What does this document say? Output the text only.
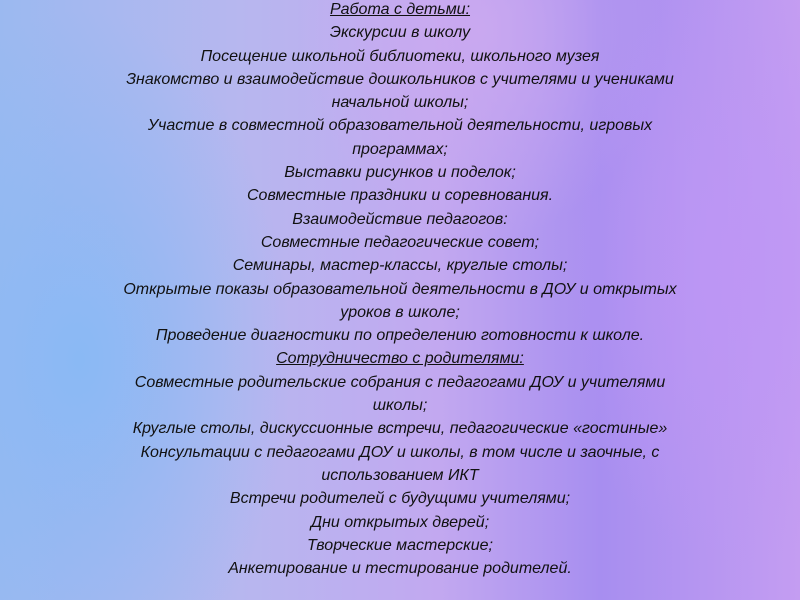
Работа с детьми:
Экскурсии в школу
Посещение школьной библиотеки, школьного музея
Знакомство и взаимодействие дошкольников с учителями и учениками
начальной школы;
Участие в совместной образовательной деятельности, игровых
программах;
Выставки рисунков и поделок;
Совместные праздники и соревнования.
Взаимодействие педагогов:
Совместные педагогические совет;
Семинары, мастер-классы, круглые столы;
Открытые показы образовательной деятельности в ДОУ и открытых
уроков в школе;
Проведение диагностики по определению готовности к школе.
Сотрудничество с родителями:
Совместные родительские собрания с педагогами ДОУ и учителями
школы;
Круглые столы, дискуссионные встречи, педагогические «гостиные»
Консультации с педагогами ДОУ и школы, в том числе и заочные, с
использованием ИКТ
Встречи родителей с будущими учителями;
Дни открытых дверей;
Творческие мастерские;
Анкетирование и тестирование родителей.
